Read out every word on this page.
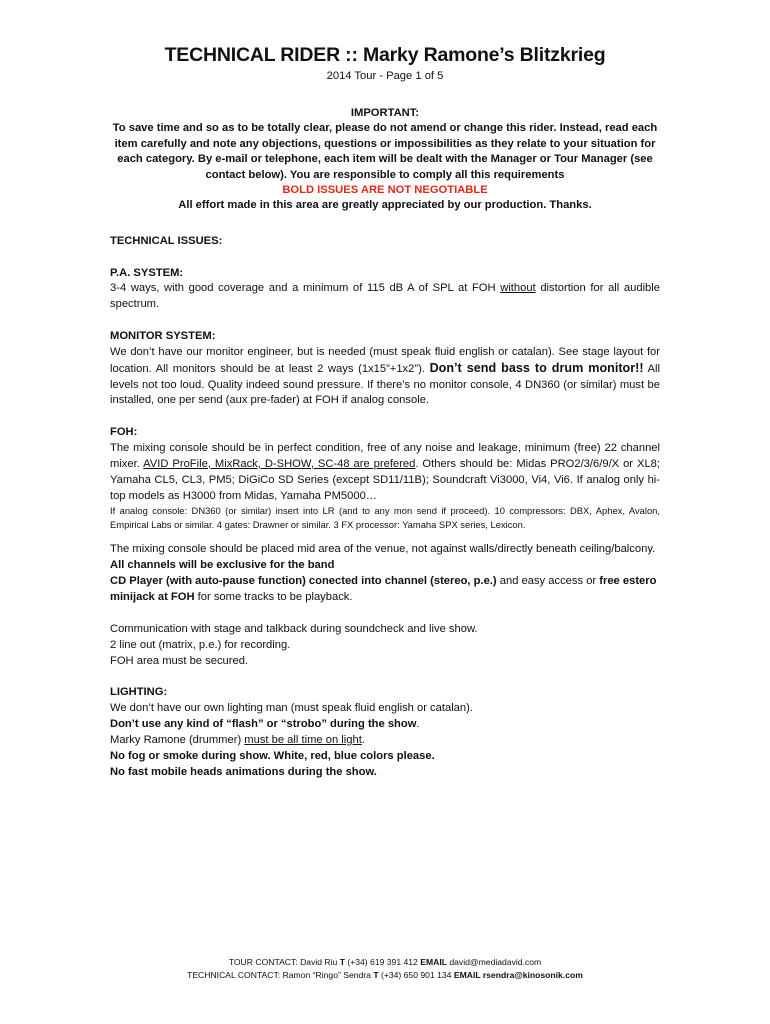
TECHNICAL RIDER :: Marky Ramone’s Blitzkrieg
2014 Tour - Page 1 of 5
IMPORTANT:
To save time and so as to be totally clear, please do not amend or change this rider. Instead, read each item carefully and note any objections, questions or impossibilities as they relate to your situation for each category. By e-mail or telephone, each item will be dealt with the Manager or Tour Manager (see contact below). You are responsible to comply all this requirements
BOLD ISSUES ARE NOT NEGOTIABLE
All effort made in this area are greatly appreciated by our production. Thanks.

TECHNICAL ISSUES:

P.A. SYSTEM:

3-4 ways, with good coverage and a minimum of 115 dB A of SPL at FOH without distortion for all audible spectrum.

MONITOR SYSTEM:

We don’t have our monitor engineer, but is needed (must speak fluid english or catalan). See stage layout for location. All monitors should be at least 2 ways (1x15”+1x2”). Don’t send bass to drum monitor!! All levels not too loud. Quality indeed sound pressure. If there’s no monitor console, 4 DN360 (or similar) must be installed, one per send (aux pre-fader) at FOH if analog console.

FOH:

The mixing console should be in perfect condition, free of any noise and leakage, minimum (free) 22 channel mixer. AVID ProFile, MixRack, D-SHOW, SC-48 are prefered. Others should be: Midas PRO2/3/6/9/X or XL8; Yamaha CL5, CL3, PM5; DiGiCo SD Series (except SD11/11B); Soundcraft Vi3000, Vi4, Vi6. If analog only hi-top models as H3000 from Midas, Yamaha PM5000…

If analog console: DN360 (or similar) insert into LR (and to any mon send if proceed). 10 compressors: DBX, Aphex, Avalon, Empirical Labs or similar. 4 gates: Drawner or similar. 3 FX processor: Yamaha SPX series, Lexicon.

The mixing console should be placed mid area of the venue, not against walls/directly beneath ceiling/balcony.

All channels will be exclusive for the band

CD Player (with auto-pause function) conected into channel (stereo, p.e.) and easy access or free estero minijack at FOH for some tracks to be playback.

Communication with stage and talkback during soundcheck and live show.

2 line out (matrix, p.e.) for recording.

FOH area must be secured.

LIGHTING:

We don’t have our own lighting man (must speak fluid english or catalan).

Don’t use any kind of “flash” or “strobo” during the show.

Marky Ramone (drummer) must be all time on light.

No fog or smoke during show. White, red, blue colors please.

No fast mobile heads animations during the show.

TOUR CONTACT: David Riu T (+34) 619 391 412 EMAIL david@mediadavid.com
TECHNICAL CONTACT: Ramon “Ringo” Sendra T (+34) 650 901 134 EMAIL rsendra@kinosonik.com
